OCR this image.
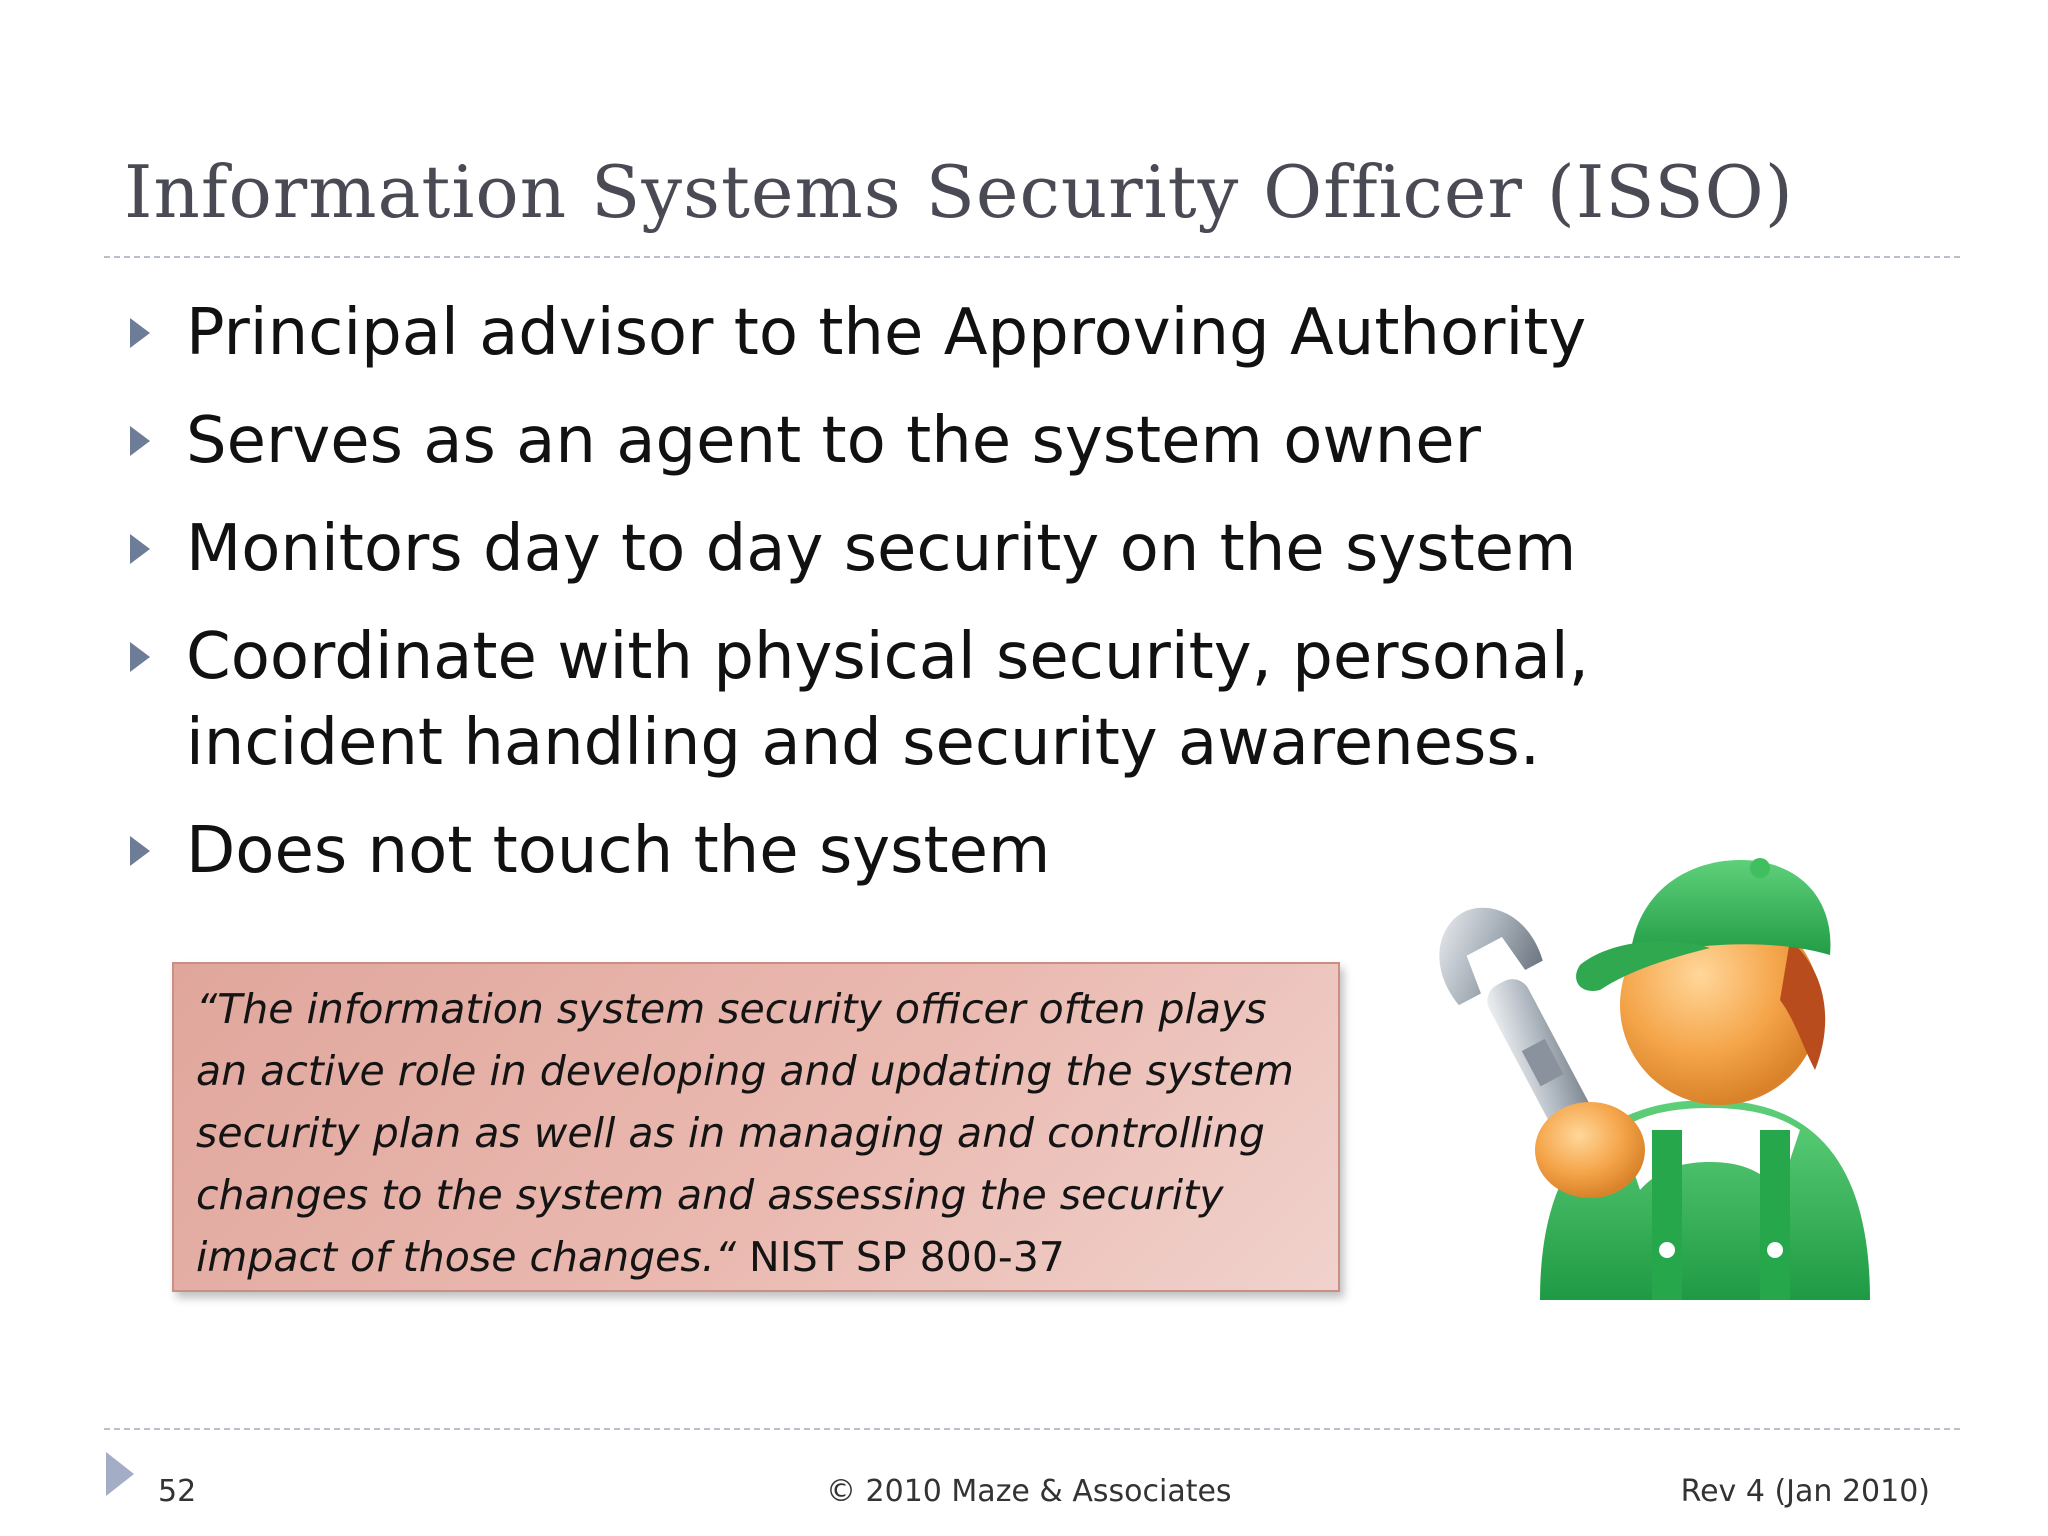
Information Systems Security Officer (ISSO)
Principal advisor to the Approving Authority
Serves as an agent to the system owner
Monitors day to day security on the system
Coordinate with physical security, personal, incident handling and security awareness.
Does not touch the system
“The information system security officer often plays an active role in developing and updating the system security plan as well as in managing and controlling changes to the system and assessing the security impact of those changes.“ NIST SP 800-37
52	© 2010 Maze & Associates	Rev 4 (Jan 2010)
